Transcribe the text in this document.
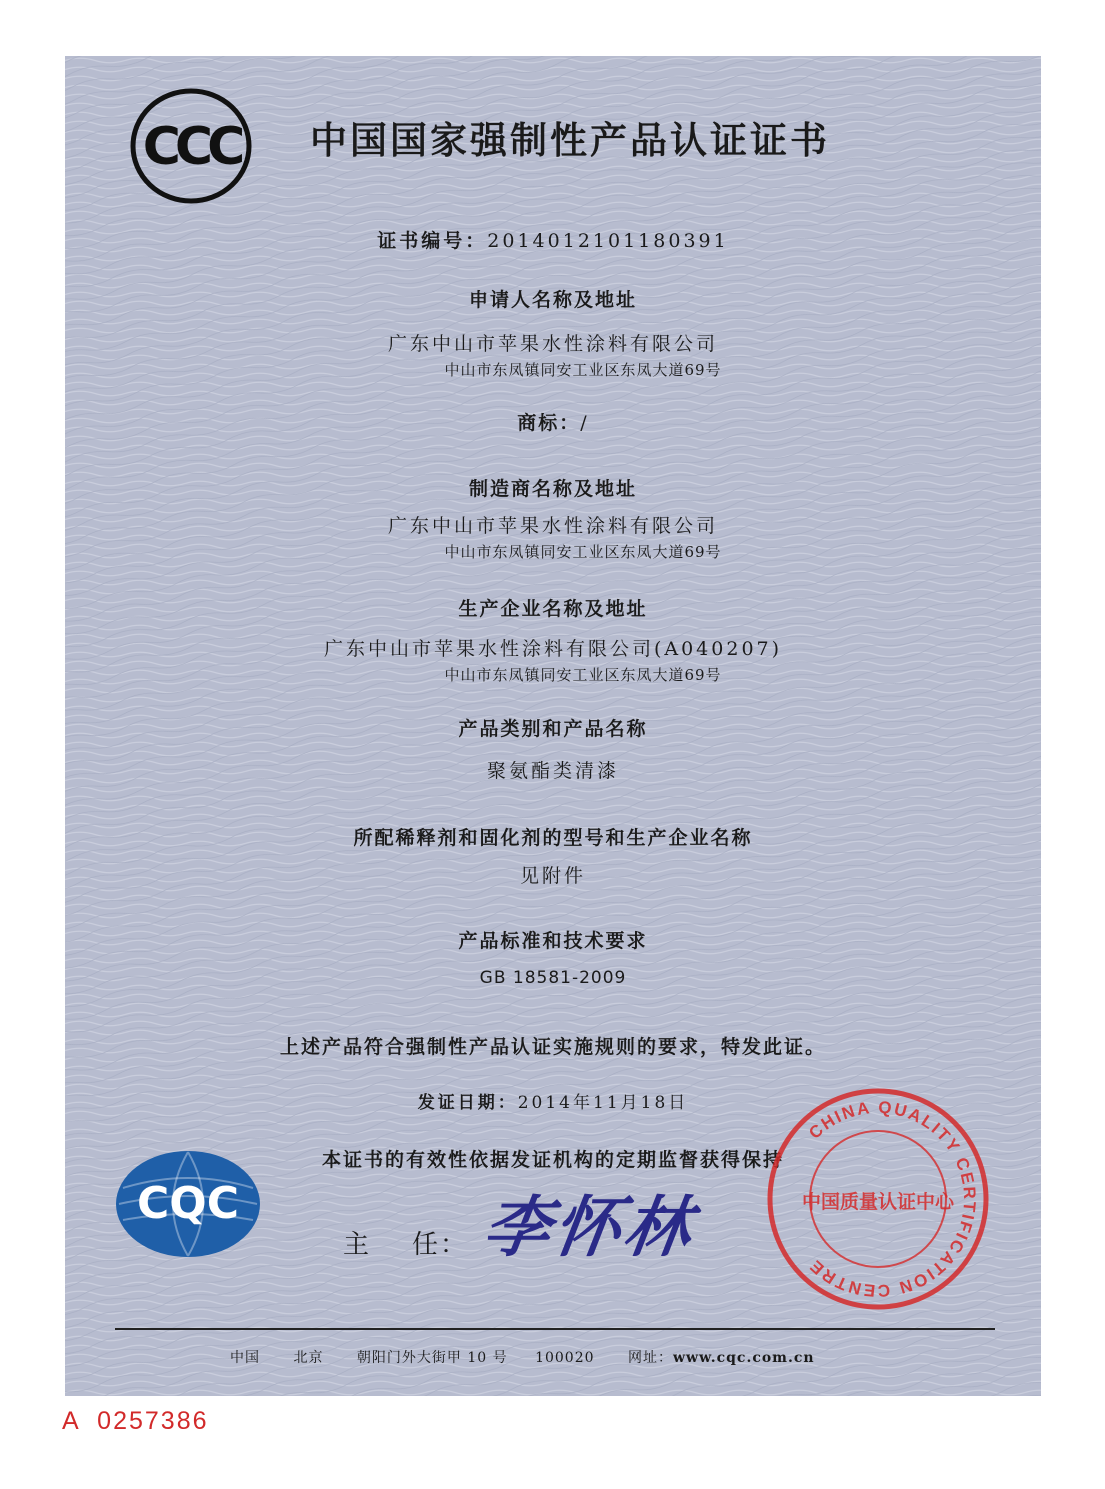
CCC 中国国家强制性产品认证证书
证书编号：2014012101180391
申请人名称及地址
广东中山市苹果水性涂料有限公司
中山市东凤镇同安工业区东凤大道69号
商标：/
制造商名称及地址
广东中山市苹果水性涂料有限公司
中山市东凤镇同安工业区东凤大道69号
生产企业名称及地址
广东中山市苹果水性涂料有限公司(A040207)
中山市东凤镇同安工业区东凤大道69号
产品类别和产品名称
聚氨酯类清漆
所配稀释剂和固化剂的型号和生产企业名称
见附件
产品标准和技术要求
GB 18581-2009
上述产品符合强制性产品认证实施规则的要求，特发此证。
发证日期：2014年11月18日
本证书的有效性依据发证机构的定期监督获得保持
CQC
主    任： 李怀林
CHINA QUALITY CERTIFICATION CENTRE
中国质量认证中心
中国 北京 朝阳门外大街甲 10 号 100020 网址：www.cqc.com.cn
A  0257386
